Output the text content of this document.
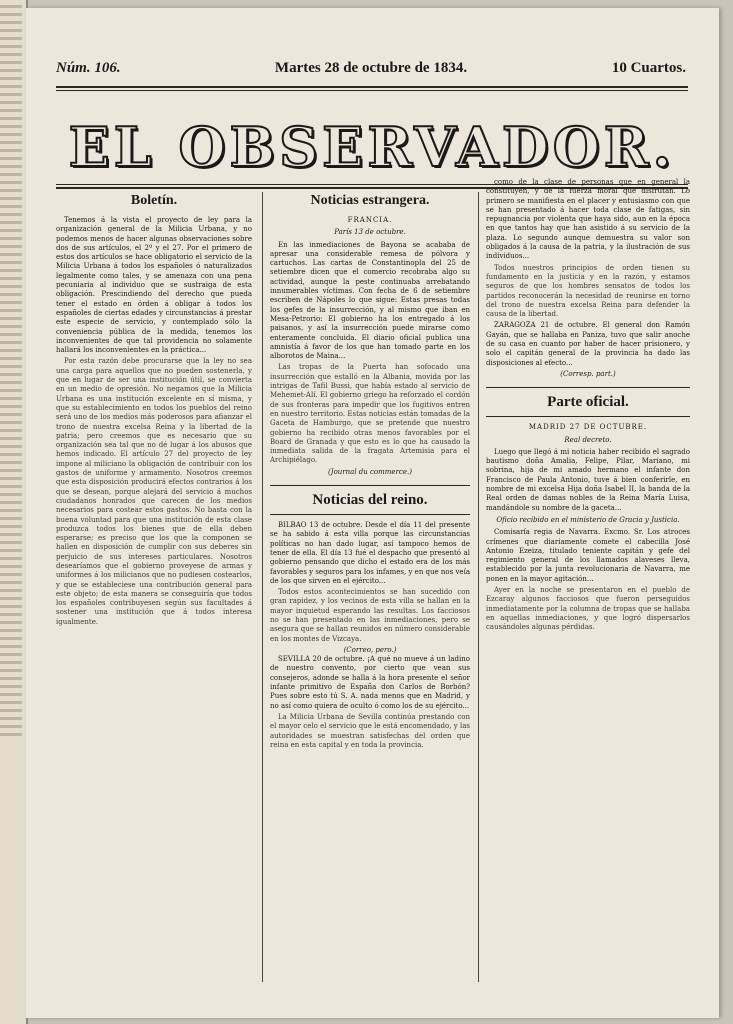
Núm. 106.	Martes 28 de octubre de 1834.	10 Cuartos.
EL OBSERVADOR.
Boletín.

Tenemos á la vista el proyecto de ley para la organización general de la Milicia Urbana, y no podemos menos de hacer algunas observaciones sobre dos de sus artículos, el 2º y el 27. Por el primero de estos dos artículos se hace obligatorio el servicio de la Milicia Urbana á todos los españoles ó naturalizados legalmente como tales, y se amenaza con una pena pecuniaria al individuo que se sustraiga de esta obligación. Prescindiendo del derecho que pueda tener el estado en órden á obligar á todos los españoles de ciertas edades y circunstancias á prestar este especie de servicio, y contemplado sólo la conveniencia pública de la medida, tenemos los inconvenientes de que tal providencia no solamente hallará los inconvenientes en la práctica...

Por esta razón debe procurarse que la ley no sea una carga para aquellos que no pueden sostenerla, y que en lugar de ser una institución útil, se convierta en un medio de opresión. No negamos que la Milicia Urbana es una institución excelente en sí misma, y que su establecimiento en todos los pueblos del reino será uno de los medios más poderosos para afianzar el trono de nuestra excelsa Reina y la libertad de la patria; pero creemos que es necesario que su organización sea tal que no dé lugar á los abusos que hemos indicado. El artículo 27 del proyecto de ley impone al miliciano la obligación de contribuir con los gastos de uniforme y armamento. Nosotros creemos que esta disposición producirá efectos contrarios á los que se desean, porque alejará del servicio á muchos ciudadanos honrados que carecen de los medios necesarios para costear estos gastos. No basta con la buena voluntad para que una institución de esta clase produzca todos los bienes que de ella deben esperarse; es preciso que los que la componen se hallen en disposición de cumplir con sus deberes sin perjuicio de sus intereses particulares. Nosotros desearíamos que el gobierno proveyese de armas y uniformes á los milicianos que no pudiesen costearlos, y que se estableciese una contribución general para este objeto; de esta manera se conseguiría que todos los españoles contribuyesen según sus facultades á sostener una institución que á todos interesa igualmente.

Noticias estrangera.
FRANCIA.
París 13 de octubre.

En las inmediaciones de Bayona se acababa de apresar una considerable remesa de pólvora y cartuchos. Las cartas de Constantinopla del 25 de setiembre dicen que el comercio recobraba algo su actividad, aunque la peste continuaba arrebatando innumerables víctimas. Con fecha de 6 de setiembre escriben de Nápoles lo que sigue: Estas presas todas los gefes de la insurrección, y al mismo que iban en Mesa-Petrorio: El gobierno ha los entregado á los paisanos, y así la insurrección puede mirarse como enteramente concluida. El diario oficial publica una amnistía á favor de los que han tomado parte en los alborotos de Maina...

Las tropas de la Puerta han sofocado una insurrección que estalló en la Albania, movida por las intrigas de Tafil Bussi, que había estado al servicio de Mehemet-Alí. El gobierno griego ha reforzado el cordón de sus fronteras para impedir que los fugitivos entren en nuestro territorio. Estas noticias están tomadas de la Gaceta de Hamburgo, que se pretende que nuestro gobierno ha recibido otras menos favorables por el Board de Granada y que esto es lo que ha causado la inmediata salida de la fragata Artemisia para el Archipiélago.

(Journal du commerce.)
Noticias del reino.

BILBAO 13 de octubre. Desde el día 11 del presente se ha sabido á esta villa porque las circunstancias políticas no han dado lugar, así tampoco hemos de tener de ella. El día 13 fué el despacho que presentó al gobierno pensando que dicho el estado era de los más favorables y seguros para los infames, y en que nos veía de los que sirven en el ejército...

Todos estos acontecimientos se han sucedido con gran rapidez, y los vecinos de esta villa se hallan en la mayor inquietud esperando las resultas. Los facciosos no se han presentado en las inmediaciones, pero se asegura que se hallan reunidos en número considerable en los montes de Vizcaya.

(Correo, pero.)

SEVILLA 20 de octubre. ¡A qué no mueve á un ladino de nuestro convento, por cierto que vean sus consejeros, adonde se halla á la hora presente el señor infante primitivo de España don Carlos de Borbón? Pues sobre esto tú S. A. nada menos que en Madrid, y no así como quiera de oculto ó como los de su ejército...

La Milicia Urbana de Sevilla continúa prestando con el mayor celo el servicio que le está encomendado, y las autoridades se muestran satisfechas del orden que reina en esta capital y en toda la provincia.

como de la clase de personas que en general la constituyen, y de la fuerza moral que disfrutan. Lo primero se manifiesta en el placer y entusiasmo con que se han presentado á hacer toda clase de fatigas, sin repugnancia por violenta que haya sido, aun en la época en que tantos hay que han asistido á su servicio de la plaza. Lo segundo aunque demuestra su valor son obligados á la causa de la patria, y la ilustración de sus individuos...

Todos nuestros principios de orden tienen su fundamento en la justicia y en la razón, y estamos seguros de que los hombres sensatos de todos los partidos reconocerán la necesidad de reunirse en torno del trono de nuestra excelsa Reina para defender la causa de la libertad.

ZARAGOZA 21 de octubre. El general don Ramón Gayán, que se hallaba en Paniza, tuvo que salir anoche de su casa en cuanto por haber de hacer prisionero, y solo el capitán general de la provincia ha dado las disposiciones al efecto...

(Corresp. part.)
Parte oficial.
MADRID 27 DE OCTUBRE.
Real decreto.

Luego que llegó á mi noticia haber recibido el sagrado bautismo doña Amalia, Felipe, Pilar, Mariano, mi sobrina, hija de mi amado hermano el infante don Francisco de Paula Antonio, tuve á bien conferirle, en nombre de mi excelsa Hija doña Isabel II, la banda de la Real orden de damas nobles de la Reina María Luisa, mandándole su nombre de la gaceta...

Oficio recibido en el ministerio de Gracia y Justicia.

Comisaría regia de Navarra. Excmo. Sr. Los atroces crímenes que diariamente comete el cabecilla José Antonio Ezeiza, titulado teniente capitán y gefe del regimiento general de los llamados alaveses lleva, establecido por la junta revolucionaria de Navarra, me ponen en la mayor agitación...

Ayer en la noche se presentaron en el pueblo de Ezcaray algunos facciosos que fueron perseguidos inmediatamente por la columna de tropas que se hallaba en aquellas inmediaciones, y que logró dispersarlos causándoles algunas pérdidas.
